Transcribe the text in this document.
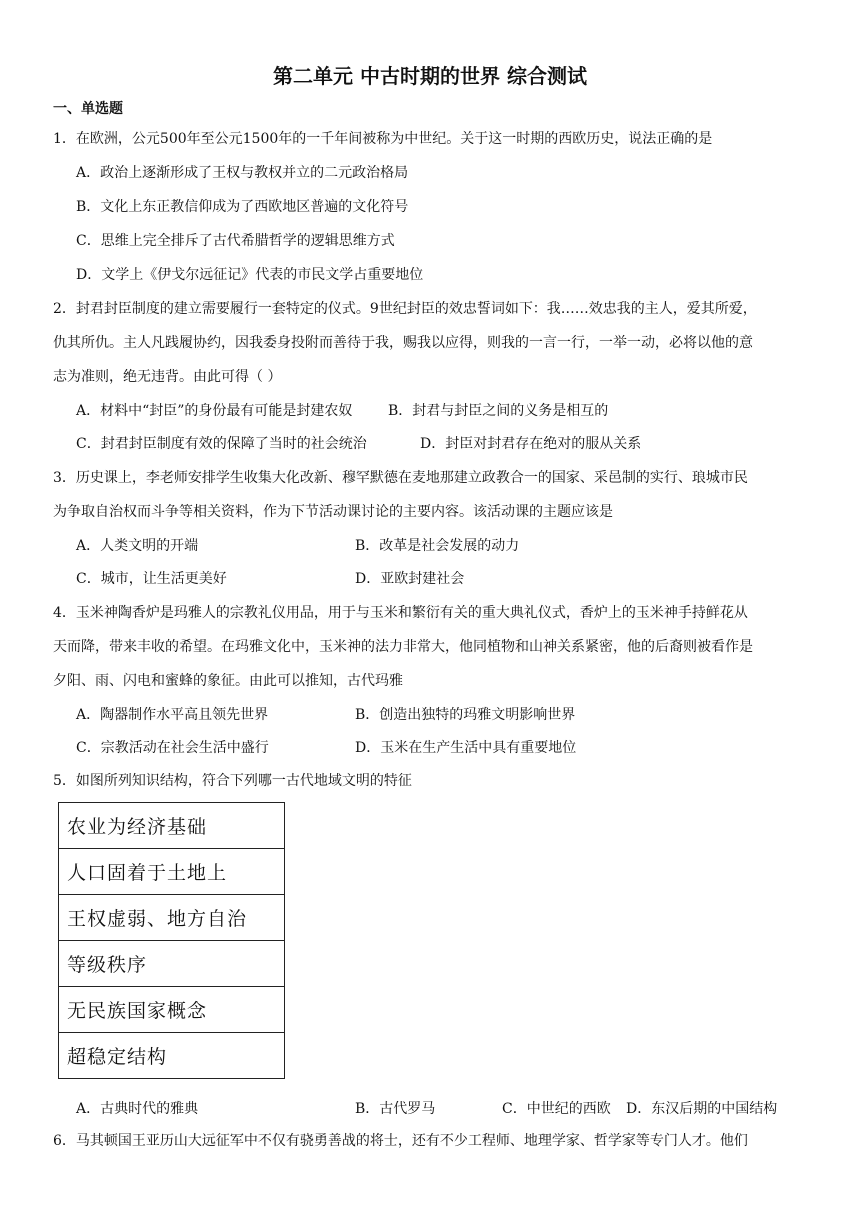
第二单元 中古时期的世界 综合测试
一、单选题
1．在欧洲，公元500年至公元1500年的一千年间被称为中世纪。关于这一时期的西欧历史，说法正确的是
A．政治上逐渐形成了王权与教权并立的二元政治格局
B．文化上东正教信仰成为了西欧地区普遍的文化符号
C．思维上完全排斥了古代希腊哲学的逻辑思维方式
D．文学上《伊戈尔远征记》代表的市民文学占重要地位
2．封君封臣制度的建立需要履行一套特定的仪式。9世纪封臣的效忠誓词如下：我……效忠我的主人，爱其所爱，
仇其所仇。主人凡践履协约，因我委身投附而善待于我，赐我以应得，则我的一言一行，一举一动，必将以他的意
志为准则，绝无违背。由此可得（ ）
A．材料中“封臣”的身份最有可能是封建农奴	B．封君与封臣之间的义务是相互的
C．封君封臣制度有效的保障了当时的社会统治	D．封臣对封君存在绝对的服从关系
3．历史课上，李老师安排学生收集大化改新、穆罕默德在麦地那建立政教合一的国家、采邑制的实行、琅城市民
为争取自治权而斗争等相关资料，作为下节活动课讨论的主要内容。该活动课的主题应该是
A．人类文明的开端	B．改革是社会发展的动力
C．城市，让生活更美好	D．亚欧封建社会
4．玉米神陶香炉是玛雅人的宗教礼仪用品，用于与玉米和繁衍有关的重大典礼仪式，香炉上的玉米神手持鲜花从
天而降，带来丰收的希望。在玛雅文化中，玉米神的法力非常大，他同植物和山神关系紧密，他的后裔则被看作是
夕阳、雨、闪电和蜜蜂的象征。由此可以推知，古代玛雅
A．陶器制作水平高且领先世界	B．创造出独特的玛雅文明影响世界
C．宗教活动在社会生活中盛行	D．玉米在生产生活中具有重要地位
5．如图所列知识结构，符合下列哪一古代地域文明的特征
农业为经济基础
人口固着于土地上
王权虚弱、地方自治
等级秩序
无民族国家概念
超稳定结构
A．古典时代的雅典	B．古代罗马	C．中世纪的西欧 D．东汉后期的中国结构
6．马其顿国王亚历山大远征军中不仅有骁勇善战的将士，还有不少工程师、地理学家、哲学家等专门人才。他们
